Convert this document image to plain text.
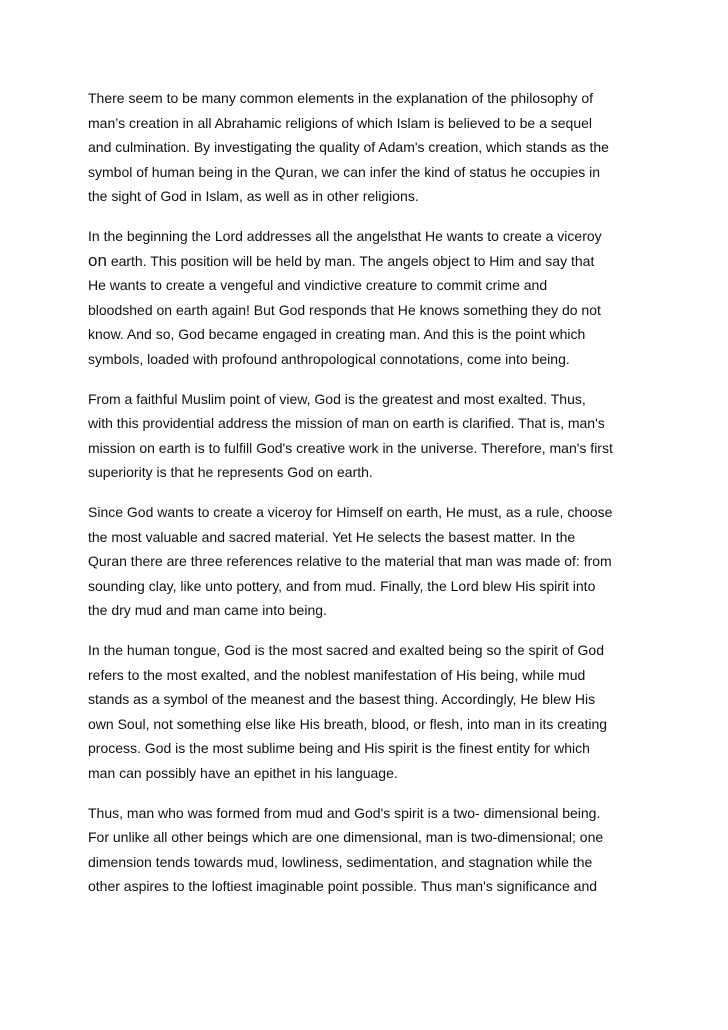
There seem to be many common elements in the explanation of the philosophy of
man’s creation in all Abrahamic religions of which Islam is believed to be a sequel
and culmination. By investigating the quality of Adam's creation, which stands as the
symbol of human being in the Quran, we can infer the kind of status he occupies in
the sight of God in Islam, as well as in other religions.

In the beginning the Lord addresses all the angelsthat He wants to create a viceroy
on earth. This position will be held by man. The angels object to Him and say that
He wants to create a vengeful and vindictive creature to commit crime and
bloodshed on earth again! But God responds that He knows something they do not
know. And so, God became engaged in creating man. And this is the point which
symbols, loaded with profound anthropological connotations, come into being.

From a faithful Muslim point of view, God is the greatest and most exalted. Thus,
with this providential address the mission of man on earth is clarified. That is, man's
mission on earth is to fulfill God's creative work in the universe. Therefore, man's first
superiority is that he represents God on earth.

Since God wants to create a viceroy for Himself on earth, He must, as a rule, choose
the most valuable and sacred material. Yet He selects the basest matter. In the
Quran there are three references relative to the material that man was made of: from
sounding clay, like unto pottery, and from mud. Finally, the Lord blew His spirit into
the dry mud and man came into being.

In the human tongue, God is the most sacred and exalted being so the spirit of God
refers to the most exalted, and the noblest manifestation of His being, while mud
stands as a symbol of the meanest and the basest thing. Accordingly, He blew His
own Soul, not something else like His breath, blood, or flesh, into man in its creating
process. God is the most sublime being and His spirit is the finest entity for which
man can possibly have an epithet in his language.

Thus, man who was formed from mud and God's spirit is a two- dimensional being.
For unlike all other beings which are one dimensional, man is two-dimensional; one
dimension tends towards mud, lowliness, sedimentation, and stagnation while the
other aspires to the loftiest imaginable point possible. Thus man's significance and
